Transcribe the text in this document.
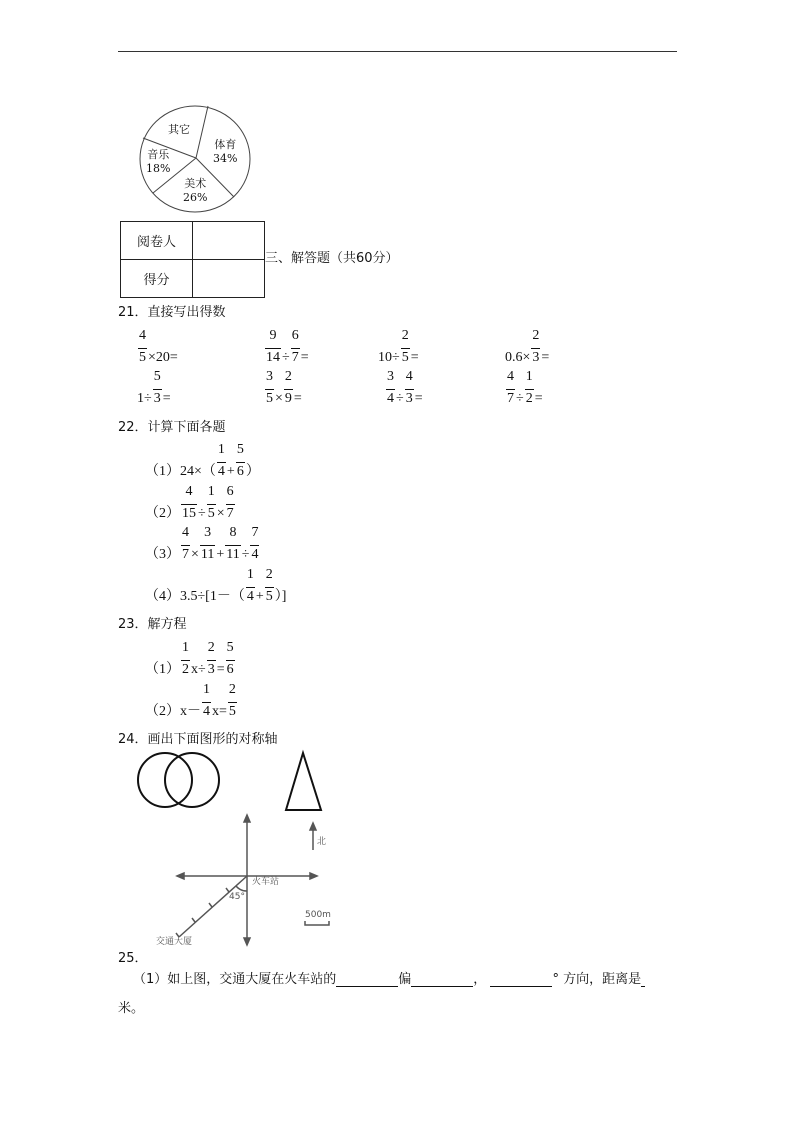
其它
体育
34%
美术
26%
音乐
18%
阅卷人	
得分	
三、解答题（共60分）
21．直接写出得数
22．计算下面各题
23．解方程
24．画出下面图形的对称轴
$\frac{4}{5} \times 20=$	$\frac{9}{14} \div \frac{6}{7}$ =	$10\div \frac{2}{5}$ =	$0.6\times \frac{2}{3}$ =
$1\div \frac{5}{3}$ =	$\frac{3}{5} \times \frac{2}{9}$ =	$\frac{3}{4} \div \frac{4}{3}$ =	$\frac{4}{7} \div \frac{1}{2}$ =
$(1)24\times( \frac{1}{4} + \frac{5}{6}$ ）
$(2) \frac{4}{15} \div \frac{1}{5} \times \frac{6}{7}$
$(3) \frac{4}{7} \times \frac{3}{11} + \frac{8}{11} \div \frac{7}{4}$
$(4)3.5\div[1-( \frac{1}{4} + \frac{2}{5}$ ）]
$(1) \frac{1}{2} x\div \frac{2}{3} = \frac{5}{6}$
$(2)x- \frac{1}{4} x= \frac{2}{5}$
火车站
45°
交通大厦
北
500m
25．
（1）如上图，交通大厦在火车站的	偏	，	° 方向，距离是
米。
